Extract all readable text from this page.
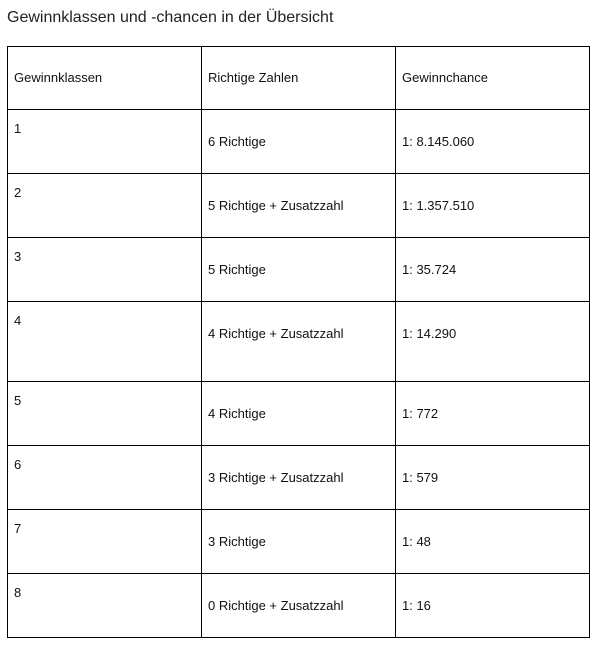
Gewinnklassen und -chancen in der Übersicht
Gewinnklassen	Richtige Zahlen	Gewinnchance
1	6 Richtige	1: 8.145.060
2	5 Richtige + Zusatzzahl	1: 1.357.510
3	5 Richtige	1: 35.724
4	4 Richtige + Zusatzzahl	1: 14.290
5	4 Richtige	1: 772
6	3 Richtige + Zusatzzahl	1: 579
7	3 Richtige	1: 48
8	0 Richtige + Zusatzzahl	1: 16
